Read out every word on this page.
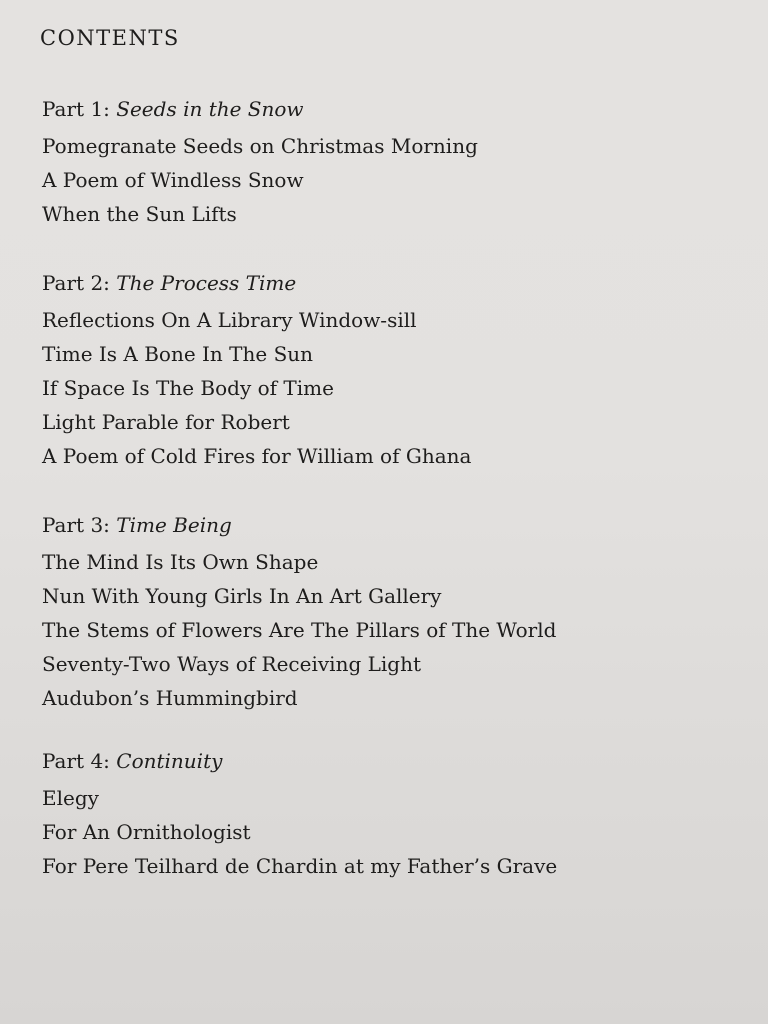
CONTENTS
Part 1: Seeds in the Snow
Pomegranate Seeds on Christmas Morning
A Poem of Windless Snow
When the Sun Lifts
Part 2: The Process Time
Reflections On A Library Window-sill
Time Is A Bone In The Sun
If Space Is The Body of Time
Light Parable for Robert
A Poem of Cold Fires for William of Ghana
Part 3: Time Being
The Mind Is Its Own Shape
Nun With Young Girls In An Art Gallery
The Stems of Flowers Are The Pillars of The World
Seventy-Two Ways of Receiving Light
Audubon’s Hummingbird
Part 4: Continuity
Elegy
For An Ornithologist
For Pere Teilhard de Chardin at my Father’s Grave
